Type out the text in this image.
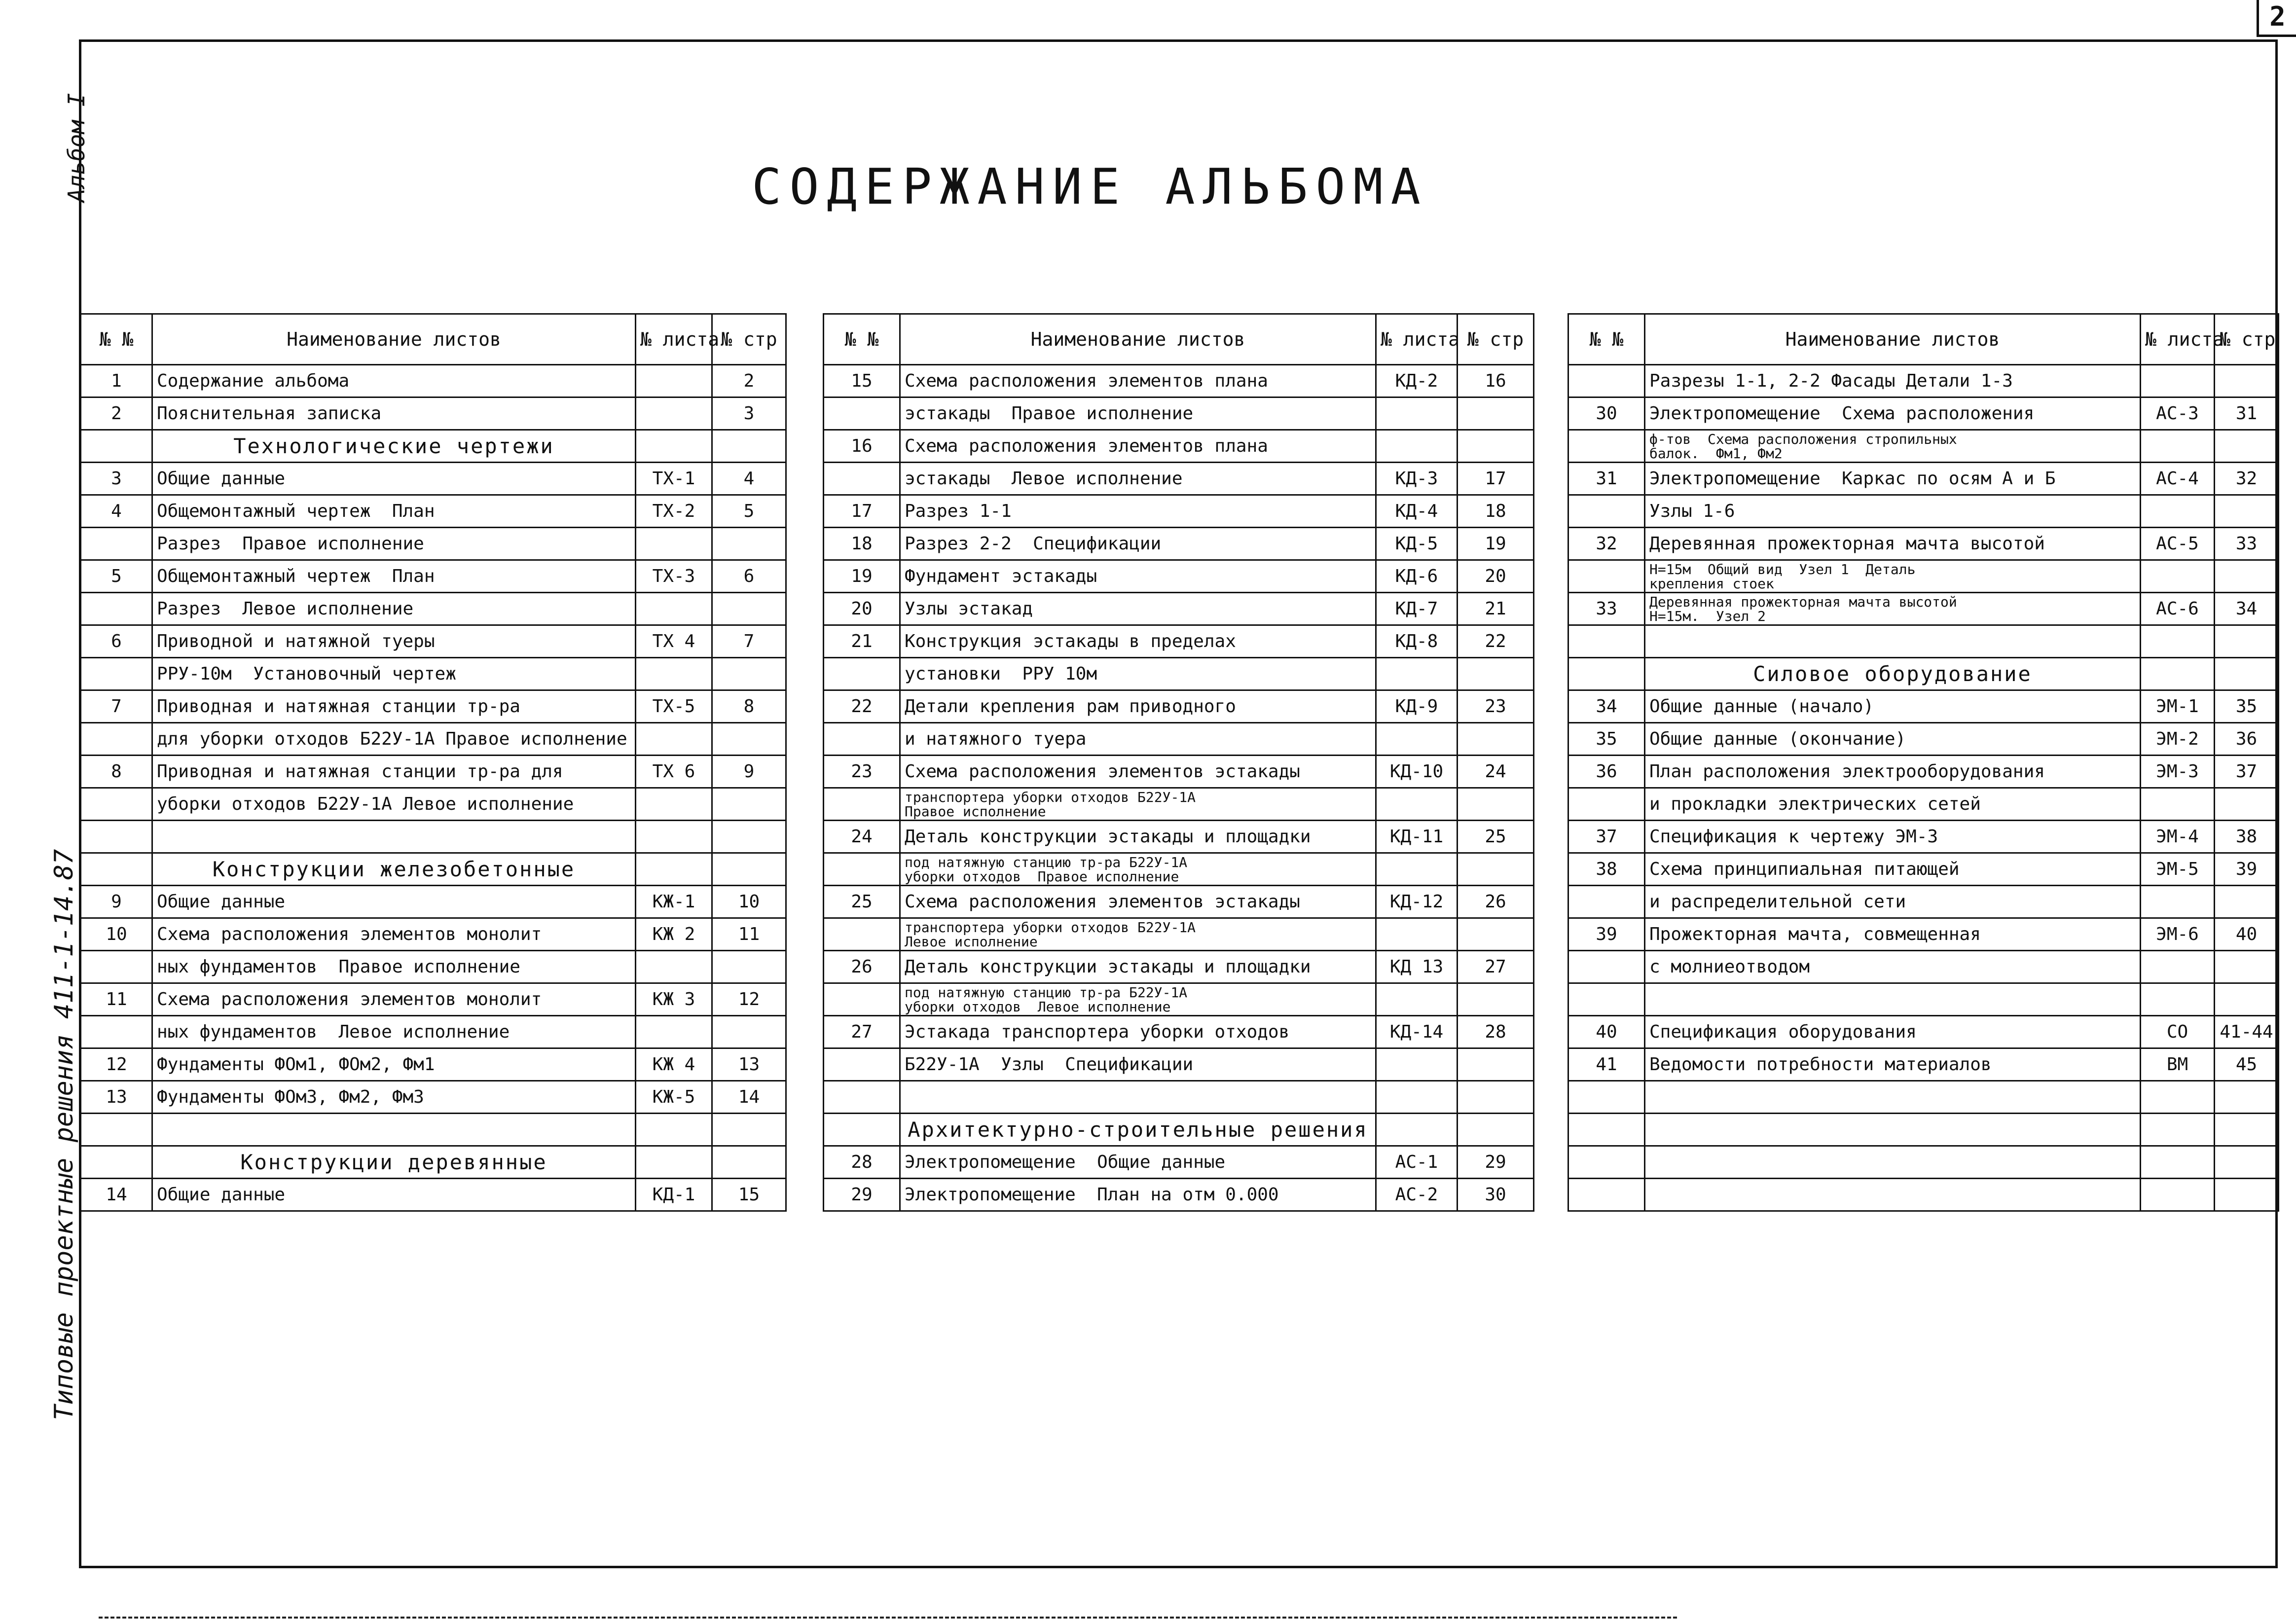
2
Альбом I
Типовые проектные решения 411-1-14.87
СОДЕРЖАНИЕ АЛЬБОМА
№ №	Наименование листов	№ листа	№ стр
1	Содержание альбома		2
2	Пояснительная записка		3
	Технологические чертежи		
3	Общие данные	ТХ-1	4
4	Общемонтажный чертеж  План	ТХ-2	5
	Разрез  Правое исполнение		
5	Общемонтажный чертеж  План	ТХ-3	6
	Разрез  Левое исполнение		
6	Приводной и натяжной туеры	ТХ 4	7
	РРУ-10м  Установочный чертеж		
7	Приводная и натяжная станции тр-ра	ТХ-5	8
	для уборки отходов Б22У-1А Правое исполнение		
8	Приводная и натяжная станции тр-ра для	ТХ 6	9
	уборки отходов Б22У-1А Левое исполнение		

	Конструкции железобетонные		
9	Общие данные	КЖ-1	10
10	Схема расположения элементов монолит	КЖ 2	11
	ных фундаментов  Правое исполнение		
11	Схема расположения элементов монолит	КЖ 3	12
	ных фундаментов  Левое исполнение		
12	Фундаменты ФОм1, ФОм2, Фм1	КЖ 4	13
13	Фундаменты ФОм3, Фм2, Фм3	КЖ-5	14

	Конструкции деревянные		
14	Общие данные	КД-1	15
№ №	Наименование листов	№ листа	№ стр
15	Схема расположения элементов плана	КД-2	16
	эстакады  Правое исполнение		
16	Схема расположения элементов плана		
	эстакады  Левое исполнение	КД-3	17
17	Разрез 1-1	КД-4	18
18	Разрез 2-2  Спецификации	КД-5	19
19	Фундамент эстакады	КД-6	20
20	Узлы эстакад	КД-7	21
21	Конструкция эстакады в пределах	КД-8	22
	установки  РРУ 10м		
22	Детали крепления рам приводного	КД-9	23
	и натяжного туера		
23	Схема расположения элементов эстакады	КД-10	24
	транспортера уборки отходов Б22У-1А
Правое исполнение		
24	Деталь конструкции эстакады и площадки	КД-11	25
	под натяжную станцию тр-ра Б22У-1А
уборки отходов  Правое исполнение		
25	Схема расположения элементов эстакады	КД-12	26
	транспортера уборки отходов Б22У-1А
Левое исполнение		
26	Деталь конструкции эстакады и площадки	КД 13	27
	под натяжную станцию тр-ра Б22У-1А
уборки отходов  Левое исполнение		
27	Эстакада транспортера уборки отходов	КД-14	28
	Б22У-1А  Узлы  Спецификации		

	Архитектурно-строительные решения		
28	Электропомещение  Общие данные	АС-1	29
29	Электропомещение  План на отм 0.000	АС-2	30
№ №	Наименование листов	№ листа	№ стр
	Разрезы 1-1, 2-2 Фасады Детали 1-3		
30	Электропомещение  Схема расположения	АС-3	31
	ф-тов  Схема расположения стропильных
балок.  Фм1, Фм2		
31	Электропомещение  Каркас по осям А и Б	АС-4	32
	Узлы 1-6		
32	Деревянная прожекторная мачта высотой	АС-5	33
	Н=15м  Общий вид  Узел 1  Деталь
крепления стоек		
33	Деревянная прожекторная мачта высотой
Н=15м.  Узел 2	АС-6	34

	Силовое оборудование		
34	Общие данные (начало)	ЭМ-1	35
35	Общие данные (окончание)	ЭМ-2	36
36	План расположения электрооборудования	ЭМ-3	37
	и прокладки электрических сетей		
37	Спецификация к чертежу ЭМ-3	ЭМ-4	38
38	Схема принципиальная питающей	ЭМ-5	39
	и распределительной сети		
39	Прожекторная мачта, совмещенная	ЭМ-6	40
	с молниеотводом		

40	Спецификация оборудования	СО	41-44
41	Ведомости потребности материалов	ВМ	45
